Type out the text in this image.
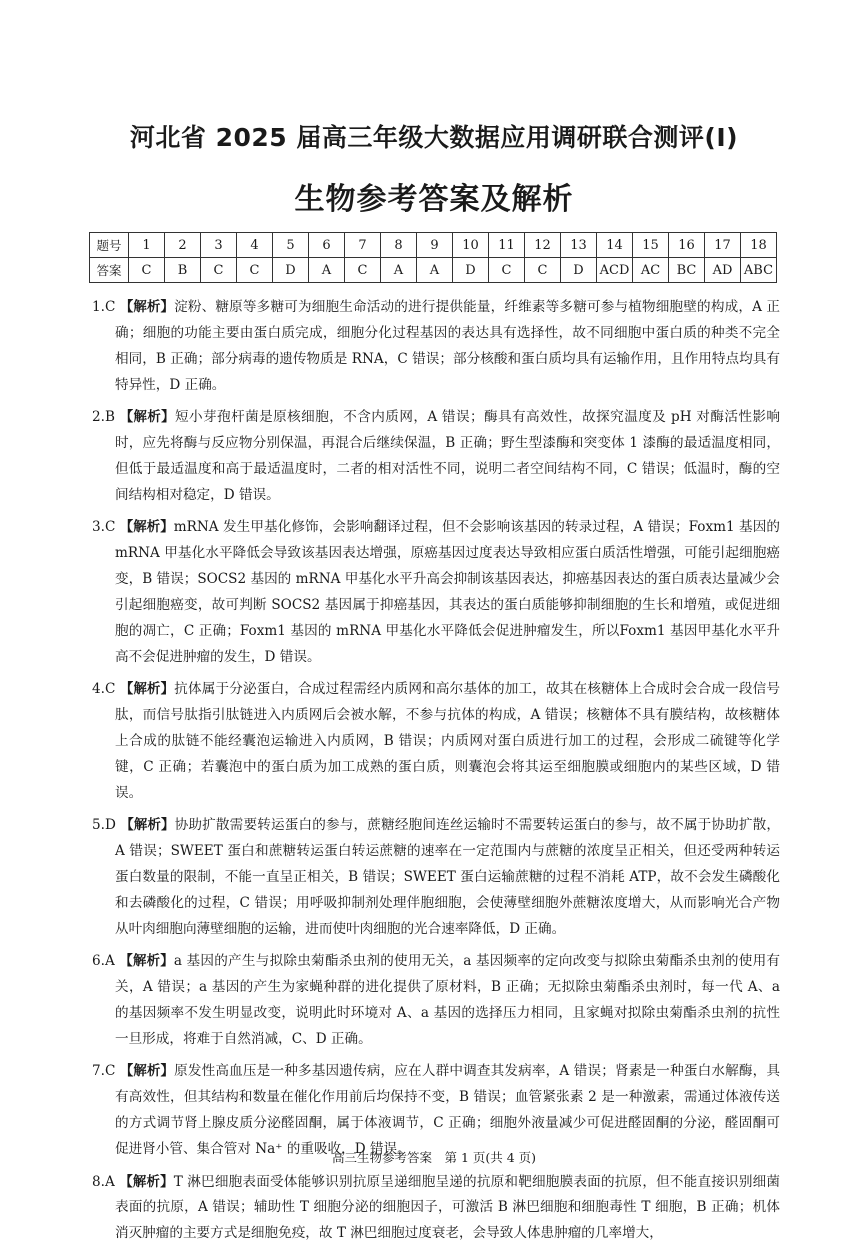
河北省 2025 届高三年级大数据应用调研联合测评(Ⅰ)
生物参考答案及解析
题号	1	2	3	4	5	6	7	8	9	10	11	12	13	14	15	16	17	18
答案	C	B	C	C	D	A	C	A	A	D	C	C	D	ACD	AC	BC	AD	ABC
1.C 【解析】淀粉、糖原等多糖可为细胞生命活动的进行提供能量，纤维素等多糖可参与植物细胞壁的构成，A 正确；细胞的功能主要由蛋白质完成，细胞分化过程基因的表达具有选择性，故不同细胞中蛋白质的种类不完全相同，B 正确；部分病毒的遗传物质是 RNA，C 错误；部分核酸和蛋白质均具有运输作用，且作用特点均具有特异性，D 正确。
2.B 【解析】短小芽孢杆菌是原核细胞，不含内质网，A 错误；酶具有高效性，故探究温度及 pH 对酶活性影响时，应先将酶与反应物分别保温，再混合后继续保温，B 正确；野生型漆酶和突变体 1 漆酶的最适温度相同，但低于最适温度和高于最适温度时，二者的相对活性不同，说明二者空间结构不同，C 错误；低温时，酶的空间结构相对稳定，D 错误。
3.C 【解析】mRNA 发生甲基化修饰，会影响翻译过程，但不会影响该基因的转录过程，A 错误；Foxm1 基因的 mRNA 甲基化水平降低会导致该基因表达增强，原癌基因过度表达导致相应蛋白质活性增强，可能引起细胞癌变，B 错误；SOCS2 基因的 mRNA 甲基化水平升高会抑制该基因表达，抑癌基因表达的蛋白质表达量减少会引起细胞癌变，故可判断 SOCS2 基因属于抑癌基因，其表达的蛋白质能够抑制细胞的生长和增殖，或促进细胞的凋亡，C 正确；Foxm1 基因的 mRNA 甲基化水平降低会促进肿瘤发生，所以Foxm1 基因甲基化水平升高不会促进肿瘤的发生，D 错误。
4.C 【解析】抗体属于分泌蛋白，合成过程需经内质网和高尔基体的加工，故其在核糖体上合成时会合成一段信号肽，而信号肽指引肽链进入内质网后会被水解，不参与抗体的构成，A 错误；核糖体不具有膜结构，故核糖体上合成的肽链不能经囊泡运输进入内质网，B 错误；内质网对蛋白质进行加工的过程，会形成二硫键等化学键，C 正确；若囊泡中的蛋白质为加工成熟的蛋白质，则囊泡会将其运至细胞膜或细胞内的某些区域，D 错误。
5.D 【解析】协助扩散需要转运蛋白的参与，蔗糖经胞间连丝运输时不需要转运蛋白的参与，故不属于协助扩散，A 错误；SWEET 蛋白和蔗糖转运蛋白转运蔗糖的速率在一定范围内与蔗糖的浓度呈正相关，但还受两种转运蛋白数量的限制，不能一直呈正相关，B 错误；SWEET 蛋白运输蔗糖的过程不消耗 ATP，故不会发生磷酸化和去磷酸化的过程，C 错误；用呼吸抑制剂处理伴胞细胞，会使薄壁细胞外蔗糖浓度增大，从而影响光合产物从叶肉细胞向薄壁细胞的运输，进而使叶肉细胞的光合速率降低，D 正确。
6.A 【解析】a 基因的产生与拟除虫菊酯杀虫剂的使用无关，a 基因频率的定向改变与拟除虫菊酯杀虫剂的使用有关，A 错误；a 基因的产生为家蝇种群的进化提供了原材料，B 正确；无拟除虫菊酯杀虫剂时，每一代 A、a 的基因频率不发生明显改变，说明此时环境对 A、a 基因的选择压力相同，且家蝇对拟除虫菊酯杀虫剂的抗性一旦形成，将难于自然消减，C、D 正确。
7.C 【解析】原发性高血压是一种多基因遗传病，应在人群中调查其发病率，A 错误；肾素是一种蛋白水解酶，具有高效性，但其结构和数量在催化作用前后均保持不变，B 错误；血管紧张素 2 是一种激素，需通过体液传送的方式调节肾上腺皮质分泌醛固酮，属于体液调节，C 正确；细胞外液量减少可促进醛固酮的分泌，醛固酮可促进肾小管、集合管对 Na⁺ 的重吸收，D 错误。
8.A 【解析】T 淋巴细胞表面受体能够识别抗原呈递细胞呈递的抗原和靶细胞膜表面的抗原，但不能直接识别细菌表面的抗原，A 错误；辅助性 T 细胞分泌的细胞因子，可激活 B 淋巴细胞和细胞毒性 T 细胞，B 正确；机体消灭肿瘤的主要方式是细胞免疫，故 T 淋巴细胞过度衰老，会导致人体患肿瘤的几率增大，
高三生物参考答案　第 1 页(共 4 页)
